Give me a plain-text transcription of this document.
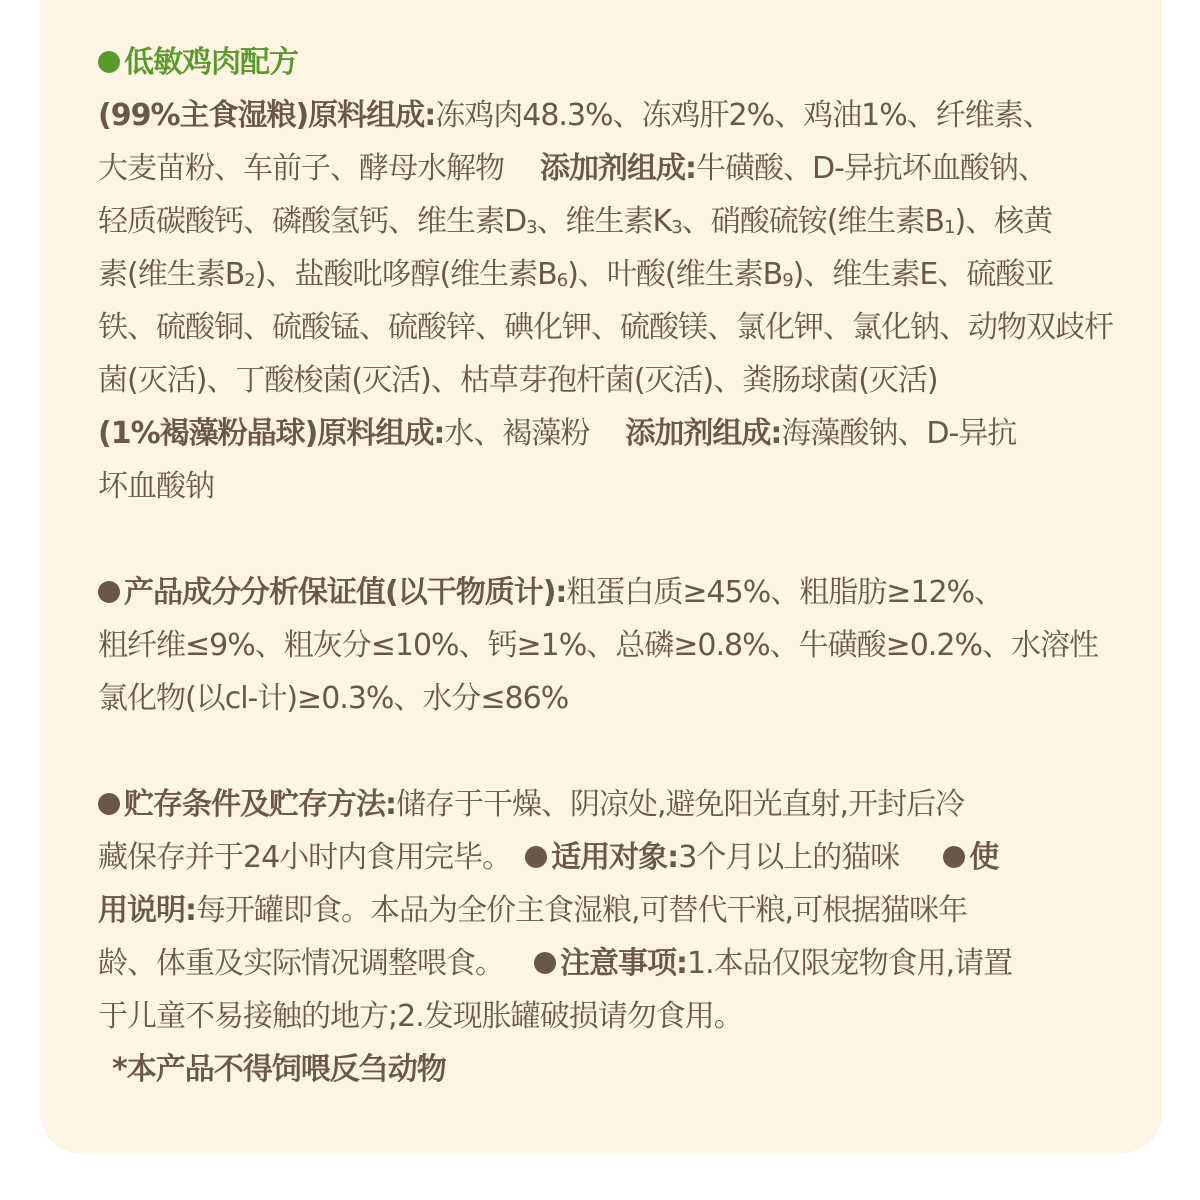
低敏鸡肉配方
(99%主食湿粮)原料组成:冻鸡肉48.3%、冻鸡肝2%、鸡油1%、纤维素、
大麦苗粉、车前子、酵母水解物 添加剂组成:牛磺酸、D-异抗坏血酸钠、
轻质碳酸钙、磷酸氢钙、维生素$D_3$、维生素$K_3$、硝酸硫铵(维生素$B_1$)、核黄
素(维生素$B_2$)、盐酸吡哆醇(维生素$B_6$)、叶酸(维生素$B_9$)、维生素E、硫酸亚
铁、硫酸铜、硫酸锰、硫酸锌、碘化钾、硫酸镁、氯化钾、氯化钠、动物双歧杆
菌(灭活)、丁酸梭菌(灭活)、枯草芽孢杆菌(灭活)、粪肠球菌(灭活)
(1%褐藻粉晶球)原料组成:水、褐藻粉 添加剂组成:海藻酸钠、D-异抗
坏血酸钠
产品成分分析保证值(以干物质计):粗蛋白质≥45%、粗脂肪≥12%、
粗纤维≤9%、粗灰分≤10%、钙≥1%、总磷≥0.8%、牛磺酸≥0.2%、水溶性
氯化物(以cl-计)≥0.3%、水分≤86%
贮存条件及贮存方法:储存于干燥、阴凉处,避免阳光直射,开封后冷
藏保存并于24小时内食用完毕。 适用对象:3个月以上的猫咪 使
用说明:每开罐即食。本品为全价主食湿粮,可替代干粮,可根据猫咪年
龄、体重及实际情况调整喂食。 注意事项:1.本品仅限宠物食用,请置
于儿童不易接触的地方;2.发现胀罐破损请勿食用。
*本产品不得饲喂反刍动物
